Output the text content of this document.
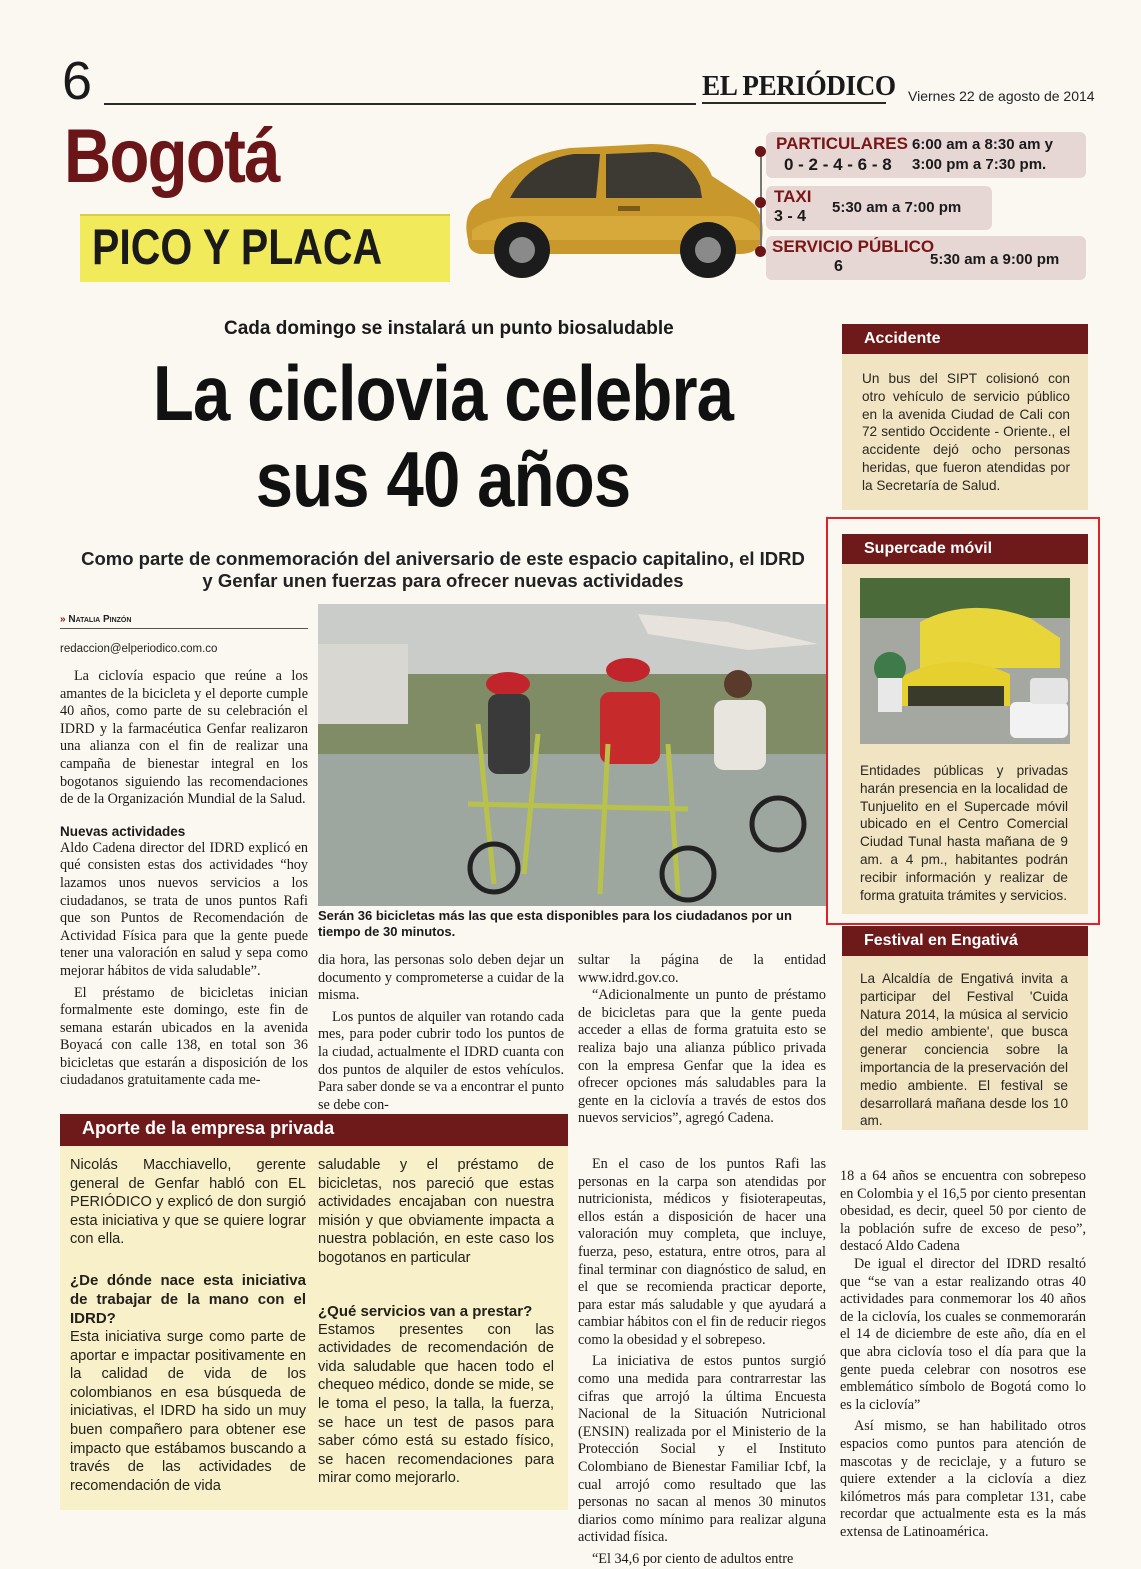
6	EL PERIÓDICO Viernes 22 de agosto de 2014
Bogotá
PICO Y PLACA
PARTICULARES
0 - 2 - 4 - 6 - 8
6:00 am a 8:30 am y
3:00 pm a 7:30 pm.
TAXI
3 - 4
5:30 am a 7:00 pm
SERVICIO PÚBLICO
6	5:30 am a 9:00 pm
Cada domingo se instalará un punto biosaludable
La ciclovia celebra
sus 40 años
Como parte de conmemoración del aniversario de este espacio capitalino, el IDRD
y Genfar unen fuerzas para ofrecer nuevas actividades
» Natalia Pinzón
redaccion@elperiodico.com.co
Serán 36 bicicletas más las que esta disponibles para los ciudadanos por un tiempo de 30 minutos.

La ciclovía espacio que reúne a los amantes de la bicicleta y el deporte cumple 40 años, como parte de su celebración el IDRD y la farmacéutica Genfar realizaron una alianza con el fin de realizar una campaña de bienestar integral en los bogotanos siguiendo las recomendaciones de de la Organización Mundial de la Salud.

Nuevas actividades

Aldo Cadena director del IDRD explicó en qué consisten estas dos actividades “hoy lazamos unos nuevos servicios a los ciudadanos, se trata de unos puntos Rafi que son Puntos de Recomendación de Actividad Física para que la gente puede tener una valoración en salud y sepa como mejorar hábitos de vida saludable”.

El préstamo de bicicletas inician formalmente este domingo, este fin de semana estarán ubicados en la avenida Boyacá con calle 138, en total son 36 bicicletas que estarán a disposición de los ciudadanos gratuitamente cada me-

dia hora, las personas solo deben dejar un documento y comprometerse a cuidar de la misma.

Los puntos de alquiler van rotando cada mes, para poder cubrir todo los puntos de la ciudad, actualmente el IDRD cuanta con dos puntos de alquiler de estos vehículos. Para saber donde se va a encontrar el punto se debe con-

sultar la página de la entidad www.idrd.gov.co.

“Adicionalmente un punto de préstamo de bicicletas para que la gente pueda acceder a ellas de forma gratuita esto se realiza bajo una alianza público privada con la empresa Genfar que la idea es ofrecer opciones más saludables para la gente en la ciclovía a través de estos dos nuevos servicios”, agregó Cadena.

En el caso de los puntos Rafi las personas en la carpa son atendidas por nutricionista, médicos y fisioterapeutas, ellos están a disposición de hacer una valoración muy completa, que incluye, fuerza, peso, estatura, entre otros, para al final terminar con diagnóstico de salud, en el que se recomienda practicar deporte, para estar más saludable y que ayudará a cambiar hábitos con el fin de reducir riegos como la obesidad y el sobrepeso.

La iniciativa de estos puntos surgió como una medida para contrarrestar las cifras que arrojó la última Encuesta Nacional de la Situación Nutricional (ENSIN) realizada por el Ministerio de la Protección Social y el Instituto Colombiano de Bienestar Familiar Icbf, la cual arrojó como resultado que las personas no sacan al menos 30 minutos diarios como mínimo para realizar alguna actividad física.

“El 34,6 por ciento de adultos entre

Aporte de la empresa privada

Nicolás Macchiavello, gerente general de Genfar habló con EL PERIÓDICO y explicó de don surgió esta iniciativa y que se quiere lograr con ella.

¿De dónde nace esta iniciativa de trabajar de la mano con el IDRD?

Esta iniciativa surge como parte de aportar e impactar positivamente en la calidad de vida de los colombianos en esa búsqueda de iniciativas, el IDRD ha sido un muy buen compañero para obtener ese impacto que estábamos buscando a través de las actividades de recomendación de vida

saludable y el préstamo de bicicletas, nos pareció que estas actividades encajaban con nuestra misión y que obviamente impacta a nuestra población, en este caso los bogotanos en particular

¿Qué servicios van a prestar?

Estamos presentes con las actividades de recomendación de vida saludable que hacen todo el chequeo médico, donde se mide, se le toma el peso, la talla, la fuerza, se hace un test de pasos para saber cómo está su estado físico, se hacen recomendaciones para mirar como mejorarlo.

18 a 64 años se encuentra con sobrepeso en Colombia y el 16,5 por ciento presentan obesidad, es decir, queel 50 por ciento de la población sufre de exceso de peso”, destacó Aldo Cadena

De igual el director del IDRD resaltó que “se van a estar realizando otras 40 actividades para conmemorar los 40 años de la ciclovía, los cuales se conmemorarán el 14 de diciembre de este año, día en el que abra ciclovía toso el día para que la gente pueda celebrar con nosotros ese emblemático símbolo de Bogotá como lo es la ciclovía”

Así mismo, se han habilitado otros espacios como puntos para atención de mascotas y de reciclaje, y a futuro se quiere extender a la ciclovía a diez kilómetros más para completar 131, cabe recordar que actualmente esta es la más extensa de Latinoamérica.

Accidente
Un bus del SIPT colisionó con otro vehículo de servicio público en la avenida Ciudad de Cali con 72 sentido Occidente - Oriente., el accidente dejó ocho personas heridas, que fueron atendidas por la Secretaría de Salud.
Supercade móvil
Entidades públicas y privadas harán presencia en la localidad de Tunjuelito en el Supercade móvil ubicado en el Centro Comercial Ciudad Tunal hasta mañana de 9 am. a 4 pm., habitantes podrán recibir información y realizar de forma gratuita trámites y servicios.
Festival en Engativá
La Alcaldía de Engativá invita a participar del Festival 'Cuida Natura 2014, la música al servicio del medio ambiente', que busca generar conciencia sobre la importancia de la preservación del medio ambiente. El festival se desarrollará mañana desde los 10 am.
